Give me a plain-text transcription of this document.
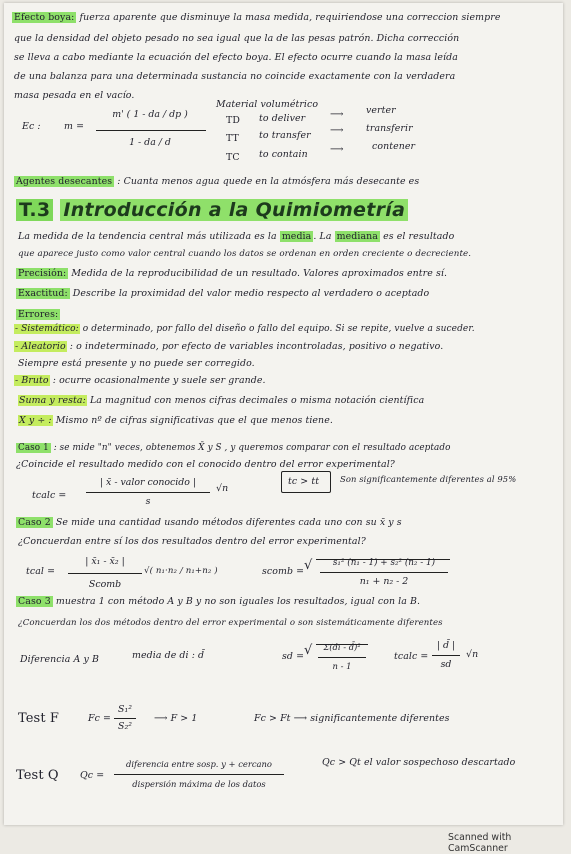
Efecto boya: fuerza aparente que disminuye la masa medida, requiriendose una correccion siempre
que la densidad del objeto pesado no sea igual que la de las pesas patrón. Dicha corrección
se lleva a cabo mediante la ecuación del efecto boya. El efecto ocurre cuando la masa leída
de una balanza para una determinada sustancia no coincide exactamente con la verdadera
masa pesada en el vacío.
Ec : m =
m' ( 1 - da / dp )
1 - da / d
Material volumétrico
TD to deliver	⟶ verter
TT to transfer ⟶ transferir
TC to contain ⟶	contener
Agentes desecantes : Cuanta menos agua quede en la atmósfera más desecante es
T.3 Introducción a la Quimiometría
La medida de la tendencia central más utilizada es la media . La mediana es el resultado
que aparece justo como valor central cuando los datos se ordenan en orden creciente o decreciente.
Precisión: Medida de la reproducibilidad de un resultado. Valores aproximados entre sí.
Exactitud: Describe la proximidad del valor medio respecto al verdadero o aceptado
Errores:
- Sistemático: o determinado, por fallo del diseño o fallo del equipo. Si se repite, vuelve a suceder.
- Aleatorio : o indeterminado, por efecto de variables incontroladas, positivo o negativo.
Siempre está presente y no puede ser corregido.
- Bruto : ocurre ocasionalmente y suele ser grande.
Suma y resta: La magnitud con menos cifras decimales o misma notación científica
X y ÷ : Mismo nº de cifras significativas que el que menos tiene.
Caso 1 : se mide "n" veces, obtenemos X̄ y S , y queremos comparar con el resultado aceptado
¿Coincide el resultado medido con el conocido dentro del error experimental?
tcalc =
| x̄ - valor conocido |
s
√n
tc > tt Son significantemente diferentes al 95%
Caso 2 Se mide una cantidad usando métodos diferentes cada uno con su x̄ y s
¿Concuerdan entre sí los dos resultados dentro del error experimental?
tcal =
| x̄₁ - x̄₂ |
Scomb
√( n₁·n₂ / n₁+n₂ )	scomb = √	s₁² (n₁ - 1) + s₂² (n₂ - 1)
n₁ + n₂ - 2
Caso 3 muestra 1 con método A y B y no son iguales los resultados, igual con la B.
¿Concuerdan los dos métodos dentro del error experimental o son sistemáticamente diferentes
Diferencia A y B	media de di : d̄	sd = √	Σ(di - d̄)²
n - 1
tcalc =
| d̄ |
sd
√n
Test F	Fc =
S₁²
S₂²
⟶ F > 1	Fc > Ft ⟶ significantemente diferentes
Test Q Qc =
diferencia entre sosp. y + cercano
dispersión máxima de los datos
Qc > Qt el valor sospechoso descartado
Scanned with CamScanner
